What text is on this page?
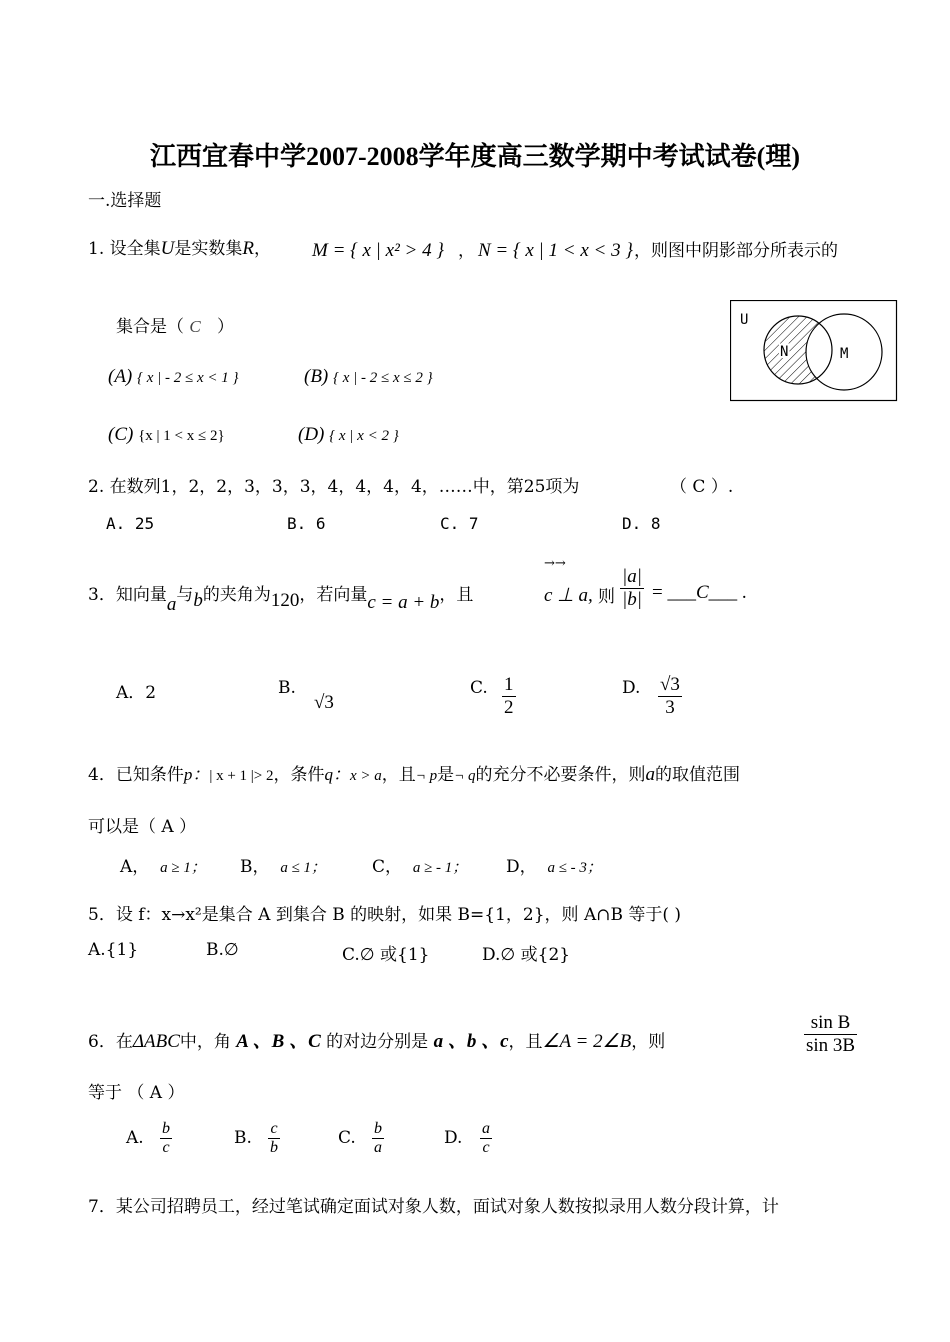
江西宜春中学2007-2008学年度高三数学期中考试试卷(理)
一.选择题
1. 设全集U是实数集R， M = { x | x² > 4 } ， N = { x | 1 < x < 3 } ，则图中阴影部分所表示的
集合是（ C ）
(A) { x | - 2 ≤ x < 1 }	(B) { x | - 2 ≤ x ≤ 2 }
(C) {x | 1 < x ≤ 2}	(D) { x | x < 2 }
U
N	M
2. 在数列1，2，2，3，3，3，4，4，4，4，……中，第25项为	（ C ）.
A. 25	B. 6	C. 7	D. 8
3．知向量a与b的夹角为120，若向量c = a + b，且
→→
c ⊥ a, 则 $\frac{|a|}{|b|}$ = ___C___ .
A．2	B.
√3
C. $\frac{1}{2}$	D. $\frac{√3}{3}$
4．已知条件p：| x + 1 |> 2，条件q：x > a，且¬ p是¬ q的充分不必要条件，则a的取值范围
可以是（ A ）
A， a ≥ 1； B， a ≤ 1；	C， a ≥ - 1； D， a ≤ - 3；
5．设 f：x→x²是集合 A 到集合 B 的映射，如果 B={1，2}，则 A∩B 等于( )
A.{1}	B.∅	C.∅ 或{1}	D.∅ 或{2}
6．在ΔABC中，角 A 、B 、C 的对边分别是 a 、b 、c，且∠A = 2∠B，则	$\frac{\text{sin B}}{\sin 3B}$
等于 （ A ）
A. $\frac{b}{c}$	B. $\frac{c}{b}$	C. $\frac{b}{a}$	D. $\frac{a}{c}$
7．某公司招聘员工，经过笔试确定面试对象人数，面试对象人数按拟录用人数分段计算，计
